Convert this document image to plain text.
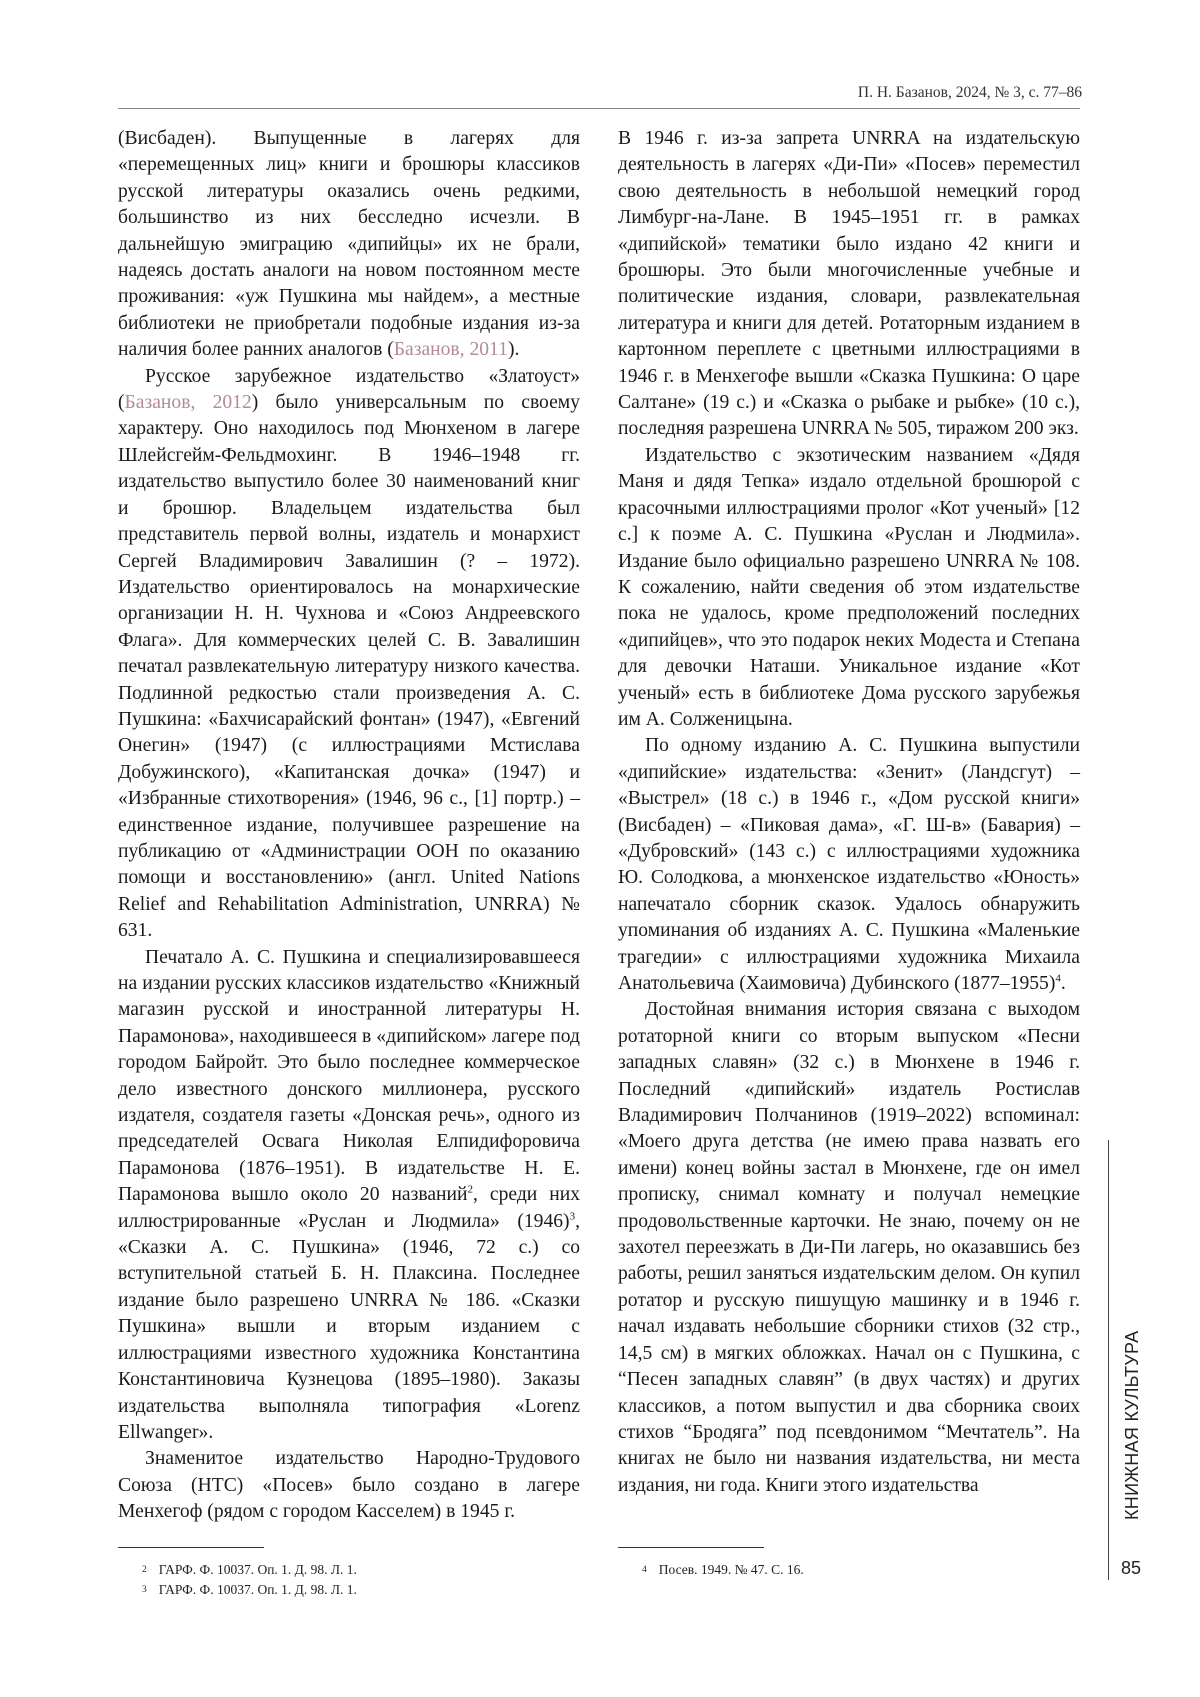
П. Н. Базанов, 2024, № 3, с. 77–86

(Висбаден). Выпущенные в лагерях для «перемещенных лиц» книги и брошюры классиков русской литературы оказались очень редкими, большинство из них бесследно исчезли. В дальнейшую эмиграцию «дипийцы» их не брали, надеясь достать аналоги на новом постоянном месте проживания: «уж Пушкина мы найдем», а местные библиотеки не приобретали подобные издания из-за наличия более ранних аналогов (Базанов, 2011).

Русское зарубежное издательство «Златоуст» (Базанов, 2012) было универсальным по своему характеру. Оно находилось под Мюнхеном в лагере Шлейсгейм-Фельдмохинг. В 1946–1948 гг. издательство выпустило более 30 наименований книг и брошюр. Владельцем издательства был представитель первой волны, издатель и монархист Сергей Владимирович Завалишин (? – 1972). Издательство ориентировалось на монархические организации Н. Н. Чухнова и «Союз Андреевского Флага». Для коммерческих целей С. В. Завалишин печатал развлекательную литературу низкого качества. Подлинной редкостью стали произведения А. С. Пушкина: «Бахчисарайский фонтан» (1947), «Евгений Онегин» (1947) (с иллюстрациями Мстислава Добужинского), «Капитанская дочка» (1947) и «Избранные стихотворения» (1946, 96 с., [1] портр.) – единственное издание, получившее разрешение на публикацию от «Администрации ООН по оказанию помощи и восстановлению» (англ. United Nations Relief and Rehabilitation Administration, UNRRA) № 631.

Печатало А. С. Пушкина и специализировавшееся на издании русских классиков издательство «Книжный магазин русской и иностранной литературы Н. Парамонова», находившееся в «дипийском» лагере под городом Байройт. Это было последнее коммерческое дело известного донского миллионера, русского издателя, создателя газеты «Донская речь», одного из председателей Освага Николая Елпидифоровича Парамонова (1876–1951). В издательстве Н. Е. Парамонова вышло около 20 названий$^2$, среди них иллюстрированные «Руслан и Людмила» $(1946)^3$, «Сказки А. С. Пушкина» (1946, 72 с.) со вступительной статьей Б. Н. Плаксина. Последнее издание было разрешено UNRRA № 186. «Сказки Пушкина» вышли и вторым изданием с иллюстрациями известного художника Константина Константиновича Кузнецова (1895–1980). Заказы издательства выполняла типография «Lorenz Ellwanger».

Знаменитое издательство Народно-Трудового Союза (НТС) «Посев» было создано в лагере Менхегоф (рядом с городом Касселем) в 1945 г.

В 1946 г. из-за запрета UNRRA на издательскую деятельность в лагерях «Ди-Пи» «Посев» переместил свою деятельность в небольшой немецкий город Лимбург-на-Лане. В 1945–1951 гг. в рамках «дипийской» тематики было издано 42 книги и брошюры. Это были многочисленные учебные и политические издания, словари, развлекательная литература и книги для детей. Ротаторным изданием в картонном переплете с цветными иллюстрациями в 1946 г. в Менхегофе вышли «Сказка Пушкина: О царе Салтане» (19 с.) и «Сказка о рыбаке и рыбке» (10 с.), последняя разрешена UNRRA № 505, тиражом 200 экз.

Издательство с экзотическим названием «Дядя Маня и дядя Тепка» издало отдельной брошюрой с красочными иллюстрациями пролог «Кот ученый» [12 с.] к поэме А. С. Пушкина «Руслан и Людмила». Издание было официально разрешено UNRRA № 108. К сожалению, найти сведения об этом издательстве пока не удалось, кроме предположений последних «дипийцев», что это подарок неких Модеста и Степана для девочки Наташи. Уникальное издание «Кот ученый» есть в библиотеке Дома русского зарубежья им А. Солженицына.

По одному изданию А. С. Пушкина выпустили «дипийские» издательства: «Зенит» (Ландсгут) – «Выстрел» (18 с.) в 1946 г., «Дом русской книги» (Висбаден) – «Пиковая дама», «Г. Ш-в» (Бавария) – «Дубровский» (143 с.) с иллюстрациями художника Ю. Солодкова, а мюнхенское издательство «Юность» напечатало сборник сказок. Удалось обнаружить упоминания об изданиях А. С. Пушкина «Маленькие трагедии» с иллюстрациями художника Михаила Анатольевича (Хаимовича) Дубинского (1877–1955)$^4$.

Достойная внимания история связана с выходом ротаторной книги со вторым выпуском «Песни западных славян» (32 с.) в Мюнхене в 1946 г. Последний «дипийский» издатель Ростислав Владимирович Полчанинов (1919–2022) вспоминал: «Моего друга детства (не имею права назвать его имени) конец войны застал в Мюнхене, где он имел прописку, снимал комнату и получал немецкие продовольственные карточки. Не знаю, почему он не захотел переезжать в Ди-Пи лагерь, но оказавшись без работы, решил заняться издательским делом. Он купил ротатор и русскую пишущую машинку и в 1946 г. начал издавать небольшие сборники стихов (32 стр., 14,5 см) в мягких обложках. Начал он с Пушкина, с “Песен западных славян” (в двух частях) и других классиков, а потом выпустил и два сборника своих стихов “Бродяга” под псевдонимом “Мечтатель”. На книгах не было ни названия издательства, ни места издания, ни года. Книги этого издательства

$^2$ ГАРФ. Ф. 10037. Оп. 1. Д. 98. Л. 1.
$^3$ ГАРФ. Ф. 10037. Оп. 1. Д. 98. Л. 1.
$^4$ Посев. 1949. № 47. С. 16.
КНИЖНАЯ КУЛЬТУРА
85
